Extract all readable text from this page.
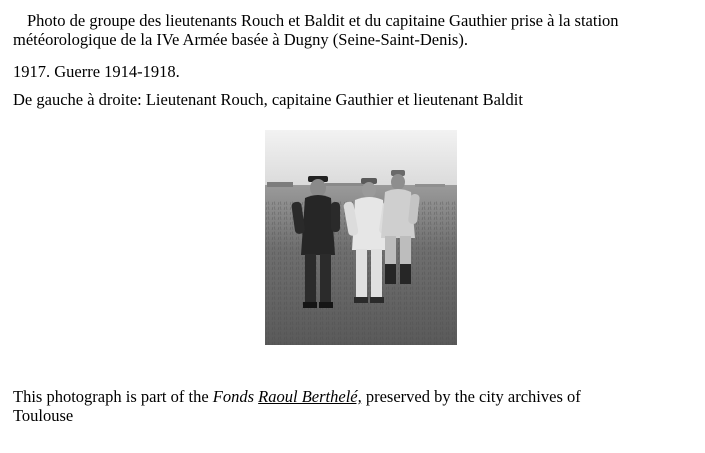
Photo de groupe des lieutenants Rouch et Baldit et du capitaine Gauthier prise à la station
météorologique de la IVe Armée basée à Dugny (Seine-Saint-Denis).

1917. Guerre 1914-1918.

De gauche à droite: Lieutenant Rouch, capitaine Gauthier et lieutenant Baldit

This photograph is part of the Fonds Raoul Berthelé, preserved by the city archives of
Toulouse
